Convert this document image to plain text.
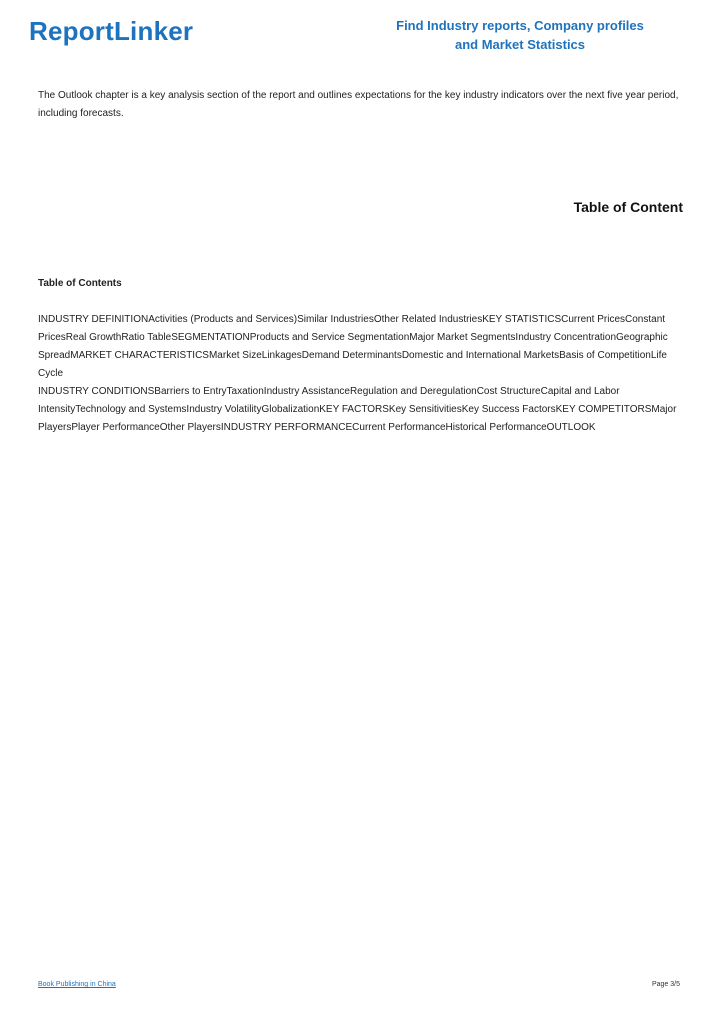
ReportLinker	Find Industry reports, Company profiles
and Market Statistics
The Outlook chapter is a key analysis section of the report and outlines expectations for the key industry indicators over the next five year period, including forecasts.
Table of Content
Table of Contents

INDUSTRY DEFINITIONActivities (Products and Services)Similar IndustriesOther Related IndustriesKEY STATISTICSCurrent PricesConstant PricesReal GrowthRatio TableSEGMENTATIONProducts and Service SegmentationMajor Market SegmentsIndustry ConcentrationGeographic SpreadMARKET CHARACTERISTICSMarket SizeLinkagesDemand DeterminantsDomestic and International MarketsBasis of CompetitionLife Cycle

INDUSTRY CONDITIONSBarriers to EntryTaxationIndustry AssistanceRegulation and DeregulationCost StructureCapital and Labor IntensityTechnology and SystemsIndustry VolatilityGlobalizationKEY FACTORSKey SensitivitiesKey Success FactorsKEY COMPETITORSMajor PlayersPlayer PerformanceOther PlayersINDUSTRY PERFORMANCECurrent PerformanceHistorical PerformanceOUTLOOK

Book Publishing in China	Page 3/5
